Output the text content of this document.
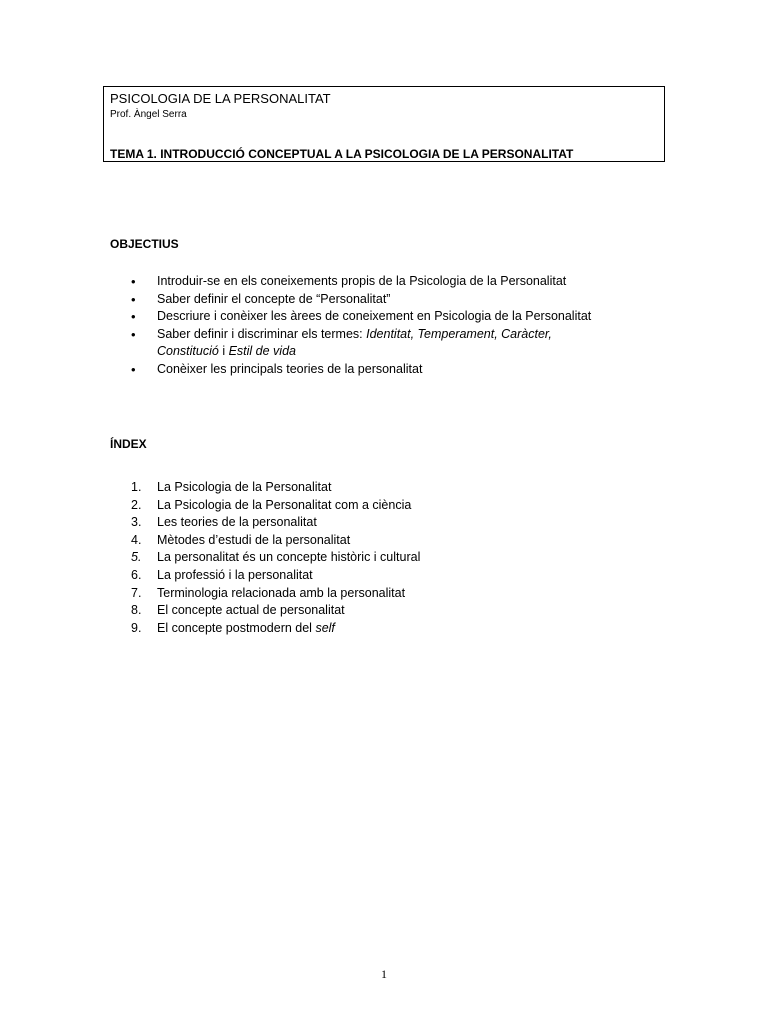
PSICOLOGIA DE LA PERSONALITAT
Prof. Àngel Serra
TEMA 1. INTRODUCCIÓ CONCEPTUAL A LA PSICOLOGIA DE LA PERSONALITAT
OBJECTIUS
• Introduir-se en els coneixements propis de la Psicologia de la Personalitat
• Saber definir el concepte de “Personalitat”
• Descriure i conèixer les àrees de coneixement en Psicologia de la Personalitat
• Saber definir i discriminar els termes: Identitat, Temperament, Caràcter,
Constitució i Estil de vida
• Conèixer les principals teories de la personalitat
ÍNDEX
1. La Psicologia de la Personalitat
2. La Psicologia de la Personalitat com a ciència
3. Les teories de la personalitat
4. Mètodes d’estudi de la personalitat
5. La personalitat és un concepte històric i cultural
6. La professió i la personalitat
7. Terminologia relacionada amb la personalitat
8. El concepte actual de personalitat
9. El concepte postmodern del self
1
